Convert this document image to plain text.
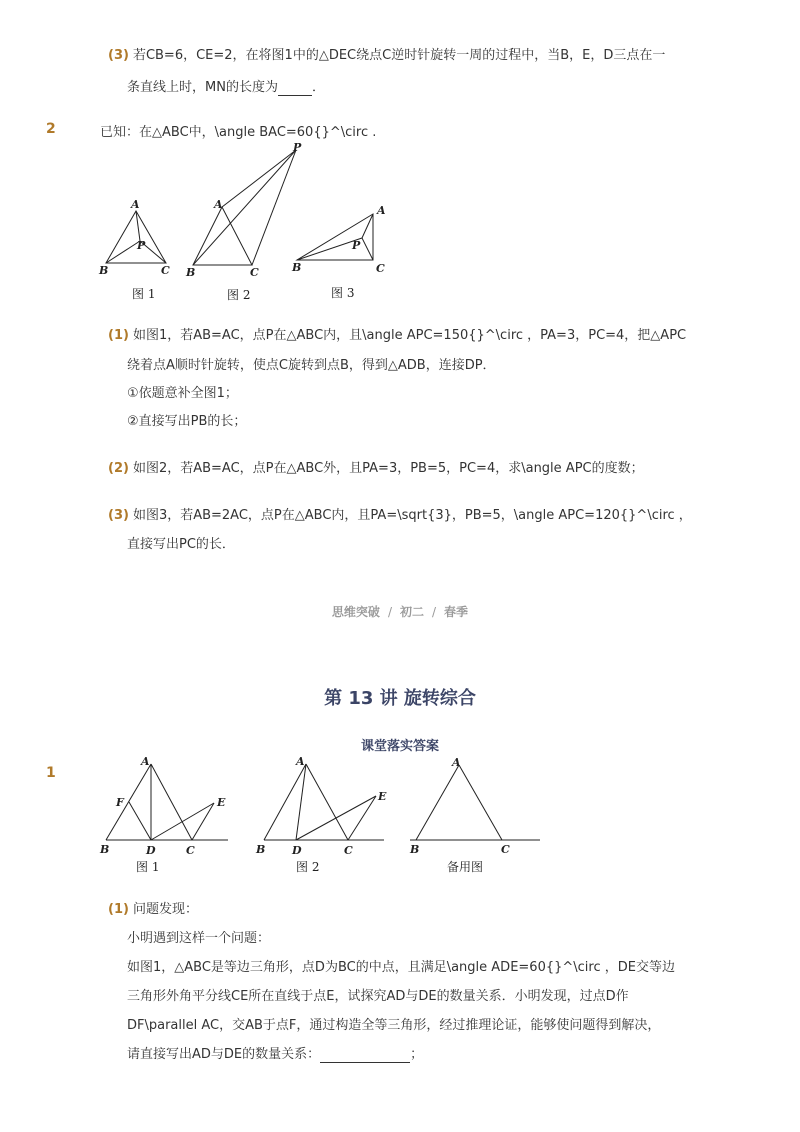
(3) 若CB=6，CE=2，在将图1中的△DEC绕点C逆时针旋转一周的过程中，当B，E，D三点在一
条直线上时，MN的长度为	．
2	已知：在△ABC中，\angle BAC=60{}^\circ .
A
B	C
P
A
B	C
P
A
B	C
P
图 1	图 2	图 3
(1) 如图1，若AB=AC，点P在△ABC内，且\angle APC=150{}^\circ ，PA=3，PC=4，把△APC
绕着点A顺时针旋转，使点C旋转到点B，得到△ADB，连接DP．
①依题意补全图1；
②直接写出PB的长；
(2) 如图2，若AB=AC，点P在△ABC外，且PA=3，PB=5，PC=4，求\angle APC的度数；
(3) 如图3，若AB=2AC，点P在△ABC内，且PA=\sqrt{3}，PB=5，\angle APC=120{}^\circ ，
直接写出PC的长．
思维突破 / 初二 / 春季
第 13 讲 旋转综合
课堂落实答案
1
A
B	D	C
F	E
A
B D	C
E
A
B	C
图 1	图 2	备用图
(1) 问题发现：
小明遇到这样一个问题：
如图1，△ABC是等边三角形，点D为BC的中点，且满足\angle ADE=60{}^\circ ，DE交等边
三角形外角平分线CE所在直线于点E，试探究AD与DE的数量关系．小明发现，过点D作
DF\parallel AC，交AB于点F，通过构造全等三角形，经过推理论证，能够使问题得到解决，
请直接写出AD与DE的数量关系：	；
